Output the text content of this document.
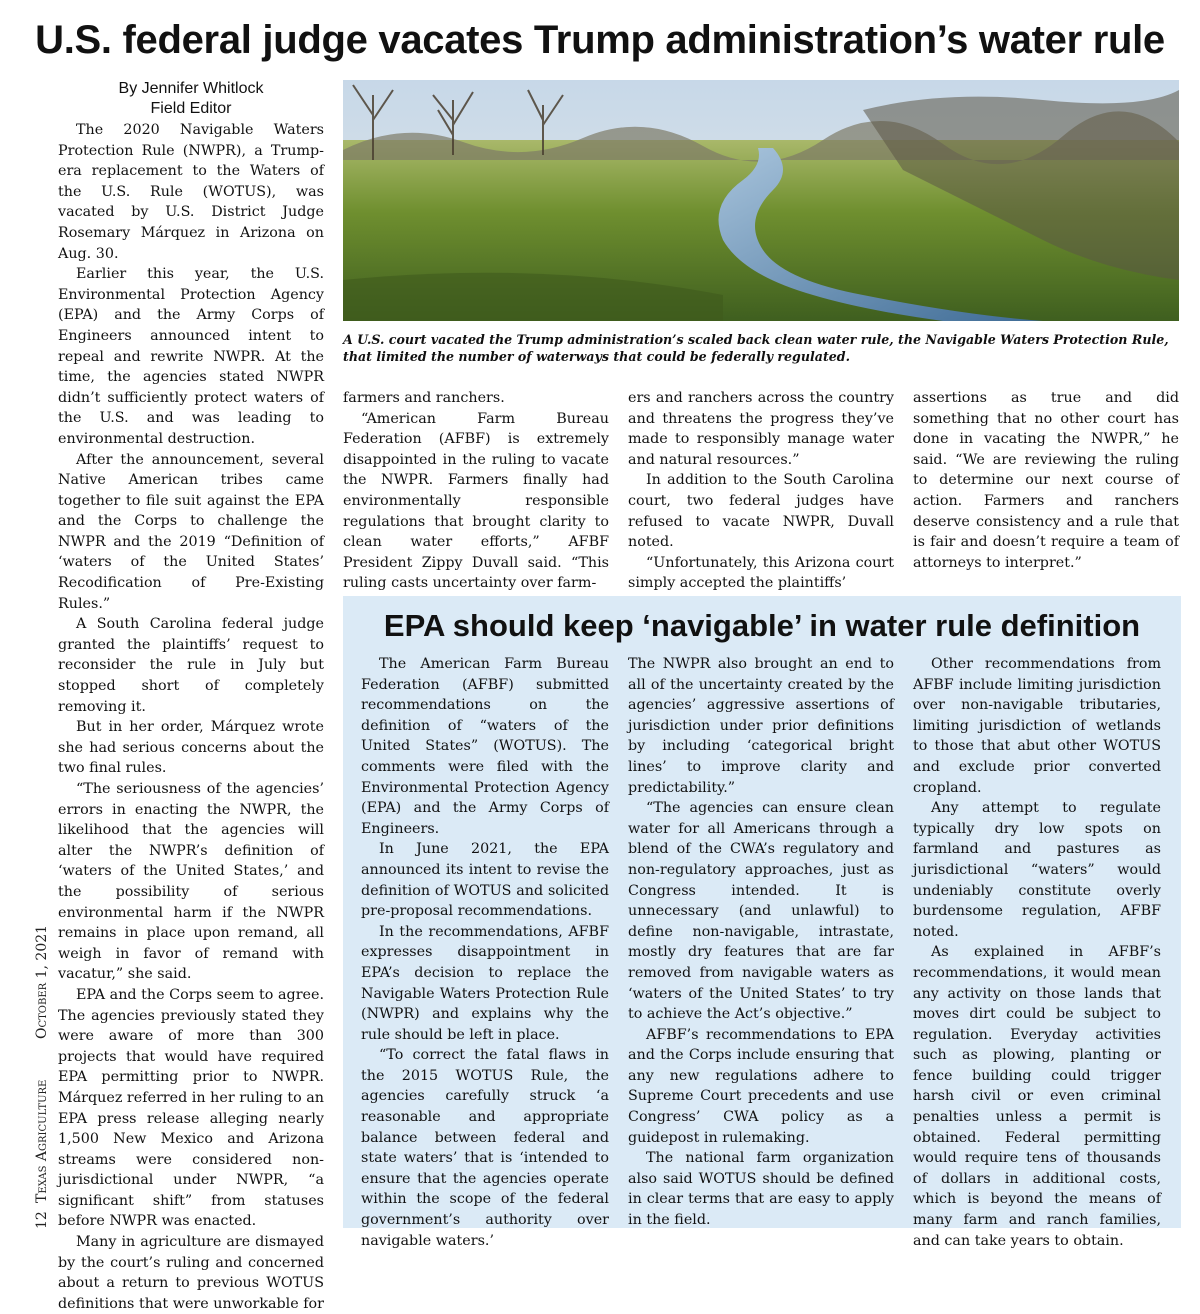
U.S. federal judge vacates Trump administration’s water rule
By Jennifer Whitlock
Field Editor
12
Texas Agriculture
October 1, 2021

The 2020 Navigable Waters Protection Rule (NWPR), a Trump-era replacement to the Waters of the U.S. Rule (WOTUS), was vacated by U.S. District Judge Rosemary Márquez in Arizona on Aug. 30.

Earlier this year, the U.S. Environmental Protection Agency (EPA) and the Army Corps of Engineers announced intent to repeal and rewrite NWPR. At the time, the agencies stated NWPR didn’t sufficiently protect waters of the U.S. and was leading to environmental destruction.

After the announcement, several Native American tribes came together to file suit against the EPA and the Corps to challenge the NWPR and the 2019 “Definition of ‘waters of the United States’ Recodification of Pre-Existing Rules.”

A South Carolina federal judge granted the plaintiffs’ request to reconsider the rule in July but stopped short of completely removing it.

But in her order, Márquez wrote she had serious concerns about the two final rules.

“The seriousness of the agencies’ errors in enacting the NWPR, the likelihood that the agencies will alter the NWPR’s definition of ‘waters of the United States,’ and the possibility of serious environmental harm if the NWPR remains in place upon remand, all weigh in favor of remand with vacatur,” she said.

EPA and the Corps seem to agree. The agencies previously stated they were aware of more than 300 projects that would have required EPA permitting prior to NWPR. Márquez referred in her ruling to an EPA press release alleging nearly 1,500 New Mexico and Arizona streams were considered non-jurisdictional under NWPR, “a significant shift” from statuses before NWPR was enacted.

Many in agriculture are dismayed by the court’s ruling and concerned about a return to previous WOTUS definitions that were unworkable for

A U.S. court vacated the Trump administration’s scaled back clean water rule, the Navigable Waters Protection Rule, that limited the number of waterways that could be federally regulated.

farmers and ranchers.

“American Farm Bureau Federation (AFBF) is extremely disappointed in the ruling to vacate the NWPR. Farmers finally had environmentally responsible regulations that brought clarity to clean water efforts,” AFBF President Zippy Duvall said. “This ruling casts uncertainty over farm-

ers and ranchers across the country and threatens the progress they’ve made to responsibly manage water and natural resources.”

In addition to the South Carolina court, two federal judges have refused to vacate NWPR, Duvall noted.

“Unfortunately, this Arizona court simply accepted the plaintiffs’

assertions as true and did something that no other court has done in vacating the NWPR,” he said. “We are reviewing the ruling to determine our next course of action. Farmers and ranchers deserve consistency and a rule that is fair and doesn’t require a team of attorneys to interpret.”

EPA should keep ‘navigable’ in water rule definition

The American Farm Bureau Federation (AFBF) submitted recommendations on the definition of “waters of the United States” (WOTUS). The comments were filed with the Environmental Protection Agency (EPA) and the Army Corps of Engineers.

In June 2021, the EPA announced its intent to revise the definition of WOTUS and solicited pre-proposal recommendations.

In the recommendations, AFBF expresses disappointment in EPA’s decision to replace the Navigable Waters Protection Rule (NWPR) and explains why the rule should be left in place.

“To correct the fatal flaws in the 2015 WOTUS Rule, the agencies carefully struck ‘a reasonable and appropriate balance between federal and state waters’ that is ‘intended to ensure that the agencies operate within the scope of the federal government’s authority over navigable waters.’

The NWPR also brought an end to all of the uncertainty created by the agencies’ aggressive assertions of jurisdiction under prior definitions by including ‘categorical bright lines’ to improve clarity and predictability.”

“The agencies can ensure clean water for all Americans through a blend of the CWA’s regulatory and non-regulatory approaches, just as Congress intended. It is unnecessary (and unlawful) to define non-navigable, intrastate, mostly dry features that are far removed from navigable waters as ‘waters of the United States’ to try to achieve the Act’s objective.”

AFBF’s recommendations to EPA and the Corps include ensuring that any new regulations adhere to Supreme Court precedents and use Congress’ CWA policy as a guidepost in rulemaking.

The national farm organization also said WOTUS should be defined in clear terms that are easy to apply in the field.

Other recommendations from AFBF include limiting jurisdiction over non-navigable tributaries, limiting jurisdiction of wetlands to those that abut other WOTUS and exclude prior converted cropland.

Any attempt to regulate typically dry low spots on farmland and pastures as jurisdictional “waters” would undeniably constitute overly burdensome regulation, AFBF noted.

As explained in AFBF’s recommendations, it would mean any activity on those lands that moves dirt could be subject to regulation. Everyday activities such as plowing, planting or fence building could trigger harsh civil or even criminal penalties unless a permit is obtained. Federal permitting would require tens of thousands of dollars in additional costs, which is beyond the means of many farm and ranch families, and can take years to obtain.
